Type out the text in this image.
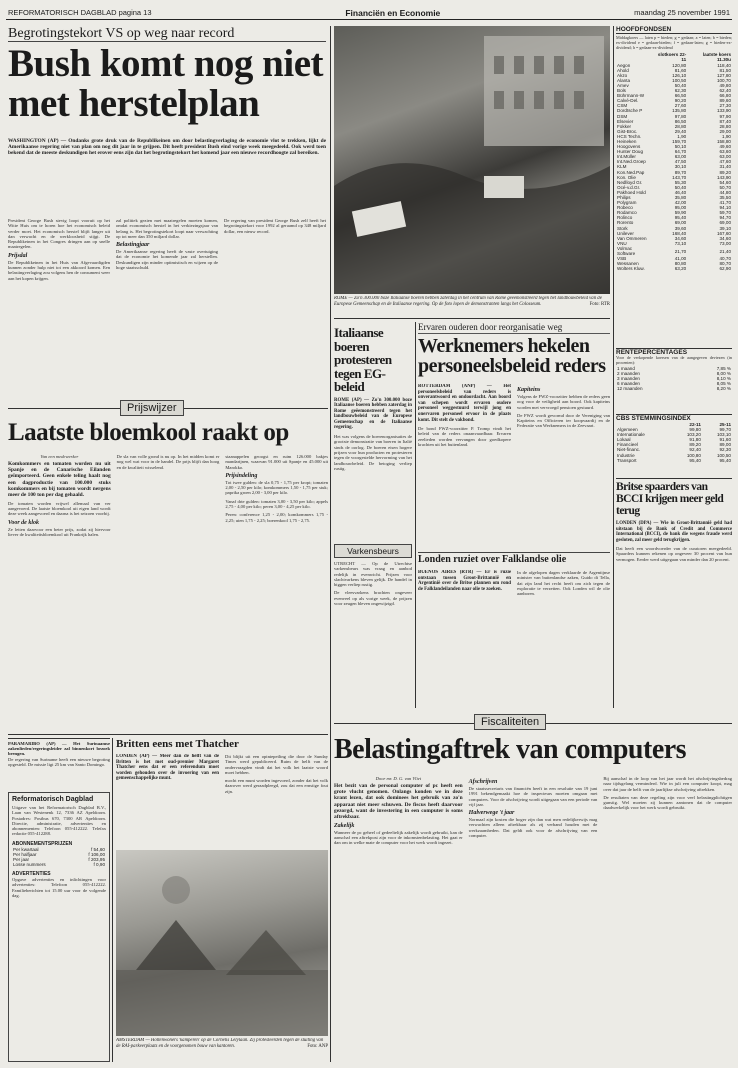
REFORMATORISCH DAGBLAD pagina 13	Financiën en Economie	maandag 25 november 1991
Begrotingstekort VS op weg naar record
Bush komt nog niet met herstelplan
WASHINGTON (AP) — Ondanks grote druk van de Republikeinen om door belastingverlaging de economie vlot te trekken, lijkt de Amerikaanse regering niet van plan om nog dit jaar in te grijpen. Dit heeft president Bush eind vorige week meegedeeld. Ook werd toen bekend dat de meeste deskundigen het erover eens zijn dat het begrotingstekort het komend jaar een nieuwe recordhoogte zal bereiken.

President George Bush stevig loopt vooruit op het Witte Huis om te horen hoe het economisch beleid verder moet. Het economisch herstel blijft langer uit dan verwacht en de werkloosheid stijgt. De Republikeinen in het Congres dringen aan op snelle maatregelen.

Prijsdal

De Republikeinen in het Huis van Afgevaardigden kunnen zonder hulp niet tot een akkoord komen. Een belastingverlaging zou volgens hen de consument weer aan het kopen krijgen.

zal politiek gezien met maatregelen moeten komen, omdat economisch herstel in het verkiezingsjaar van belang is. Het begrotingstekort loopt naar verwachting op tot meer dan 350 miljard dollar.

Belastingjaar

De Amerikaanse regering heeft de vaste overtuiging dat de economie het komende jaar zal herstellen. Deskundigen zijn minder optimistisch en wijzen op de hoge staatsschuld.

De regering van president George Bush zelf heeft het begrotingstekort voor 1992 al geraamd op 348 miljard dollar, een nieuw record.

ROME — Zo'n 300.000 boze Italiaanse boeren hebben zaterdag in het centrum van Rome geëemonstreerd tegen het landbouwbeleid van de Europese Gemeenschap en de Italiaanse regering. Op de foto lopen de demonstranten langs het Colosseum.	Foto: RTR
HOOFDFONDSEN

Middagkoers — laten p = bieden; g = gedaan; a = laten; b = bieden; ex-dividend e = gedaan-bieden; f = gedaan-laten; g = bieden-ex-dividend; h = gedaan-ex-dividend

	slotkoers 22-11	laatste koers 11.30u
Aegon	120,80	118,40
Ahold	81,60	81,50
Akzo	126,10	127,80
Alanta	100,50	100,70
Amev	50,40	49,80
Bols	62,30	62,40
Bührmann-W	66,50	66,80
Calvé-Del.	90,20	89,60
CSM	27,60	27,30
Dordtsche P	135,80	133,90
DSM	97,80	97,90
Elsevier	86,50	87,40
Fokker	28,80	28,80
Gist-Broc.	29,40	29,00
HCS Techn.	1,90	1,90
Heineken	159,70	158,80
Hoogovens	50,10	49,60
Hunter Doug	64,70	63,60
Int.Müller	63,00	63,00
Int.Ned.Groep	47,50	47,60
KLM	30,10	31,40
Kon.Ned.Pap	89,70	89,20
Kon. Olie	143,70	143,90
Nedlloyd Gr.	55,30	54,60
Océ-v.d.Gr.	50,40	50,70
Pakhoed Hold	46,40	44,80
Philips	35,80	35,50
Polygram	42,00	41,70
Robeco	95,00	94,10
Rodamco	59,90	59,70
Rolinco	95,40	94,70
Rorento	69,00	69,00
Stork	39,60	39,10
Unilever	168,40	167,60
Van Ommeren	34,60	34,60
VNU	73,10	73,00
Volmac Software	21,70	21,40
VSB	41,00	40,70
Wessanen	80,80	80,70
Wolters Kluw.	63,20	62,90
RENTEPERCENTAGES

Voor de verkopende koersen van de aangegeven deviezen (in procenten):

1 maand	7,85 %
2 maanden	8,00 %
3 maanden	8,10 %
6 maanden	8,05 %
12 maanden	8,20 %
CBS STEMMINGSINDEX
	22-11	25-11
Algemeen	99,80	99,70
Internationale	103,20	103,10
Lokaal	91,80	91,60
Financieel	89,20	89,00
Niet-financ.	92,40	92,30
Industrie	100,80	100,50
Transport	95,40	95,40
Italiaanse boeren protesteren tegen EG-beleid

ROME (AP) — Zo'n 300.000 boze Italiaanse boeren hebben zaterdag in Rome geëemonstreerd tegen het landbouwbeleid van de Europese Gemeenschap en de Italiaanse regering.

Het was volgens de boerenorganisaties de grootste demonstratie van boeren in Italië sinds de oorlog. De boeren eisen hogere prijzen voor hun producten en protesteren tegen de voorgestelde hervorming van het landbouwbeleid. De betoging verliep rustig.

Ervaren ouderen door reorganisatie weg
Werknemers hekelen personeelsbeleid reders

ROTTERDAM (ANP) — Het personeelsbeleid van reders is onverantwoord en ondoordacht. Aan boord van schepen wordt ervaren oudere personeel weggestuurd terwijl jong en onervaren personeel ervoor in de plaats komt. Dit stelt de vakbond.

De bond FWZ-voorzitter P. Tromp vindt het beleid van de reders onaanvaardbaar. Ervaren zeelieden worden vervangen door goedkopere krachten uit het buitenland.

Kapiteins

Volgens de FWZ-voorzitter hebben de reders geen oog voor de veiligheid aan boord. Ook kapiteins worden met vervroegd pensioen gestuurd.

De FWZ wordt gevormd door de Vereniging van Kapiteins en Officieren ter koopvaardij en de Federatie van Werknemers in de Zeevaart.

Prijswijzer
Laatste bloemkool raakt op

Van een medewerker

Komkommers en tomaten worden nu uit Spanje en de Canarische Eilanden geïmporteerd. Geen enkele teling haalt nog een dagproductie van 100.000 stuks komkommers en bij tomaten wordt nergens meer de 100 ton per dag gehaald.

De tomaten worden vrijwel allemaal van ver aangevoerd. De laatste bloemkool uit eigen land wordt deze week aangevoerd en daarna is het seizoen voorbij.

Voor de klok

Ze letten daarvoor een beter prijs, zodat zij hiervoor liever de kwaliteitsbloemkool uit Frankrijk halen.

De sla van volle grond is nu op. In het midden komt er nog wel wat voor in de handel. De prijs blijft dan hoog en de kwaliteit wisselend.

staanappelen geoogst en ruim 126.000 bakjes mandarijnen, waarvan 91.000 uit Spanje en 45.000 uit Marokko.

Prijsindeling

Tot twee gulden: de sla 0,75 - 1,75 per kropt; tomaten 2,00 - 2,50 per kilo; komkommers 1,50 - 1,75 per stuk; paprika groen 2,00 - 3,00 per kilo.

Vanaf drie gulden: tomaten 3,00 - 3,50 per kilo; appels 2,75 - 4,00 per kilo; peren 3,00 - 4,25 per kilo.

Peren: conference 1,25 - 2,00; komkommers 1,75 - 2,25; uien 1,75 - 2,25; boerenkool 1,75 - 2,75.

Varkensbeurs

UTRECHT — Op de Utrechtse varkensbeurs was vraag en aanbod redelijk in evenwicht. Prijzen voor slachtvarkens bleven gelijk. De handel in biggen verliep rustig.

De vleesvarkens brachten ongeveer evenveel op als vorige week, de prijzen voor zeugen bleven ongewijzigd.

Londen ruziet over Falklandse olie

BUENOS AIRES (RTR) — Er is ruzie ontstaan tussen Groot-Brittannië en Argentinië over de Britse plannen om rond de Falklandeilanden naar olie te zoeken.

In de afgelopen dagen verklaarde de Argentijnse minister van buitenlandse zaken, Guido di Tella, dat zijn land het recht heeft om zich tegen de exploratie te verzetten. Ook Londen wil de olie aanboren.

Britse spaarders van BCCI krijgen meer geld terug

LONDEN (DPA) — Wie in Groot-Brittannië geld had uitstaan bij de Bank of Credit and Commerce International (BCCI), de bank die wegens fraude werd gesloten, zal meer geld terugkrijgen.

Dat heeft een woordvoerder van de curatoren meegedeeld. Spaarders kunnen rekenen op ongeveer 30 procent van hun vermogen. Eerder werd uitgegaan van minder dan 20 procent.

PARAMARIBO (AP) — Het Surinaamse zakenlieden/regeringsleider zal binnenkort bezoek brengen.

De regering van Suriname heeft een nieuwe begroting opgesteld. De missie ligt 25 km van Santo Domingo.

Reformatorisch Dagblad

Uitgave van het Reformatorisch Dagblad B.V., Laan van Westenenk 12, 7336 AZ Apeldoorn. Postadres: Postbus 670, 7300 AR Apeldoorn. Directie, administratie, advertenties en abonnementen: Telefoon 055-412222. Telefax redactie 055-412288.

ABONNEMENTSPRIJZEN
Per kwartaal	f 54,60
Per halfjaar	f 106,00
Per jaar	f 203,95
Losse nummers	f 0,90
ADVERTENTIES

Opgave advertenties en inlichtingen voor advertenties: Telefoon 055-412222. Familieberichten tot 15.00 uur voor de volgende dag.

Britten eens met Thatcher

LONDEN (AP) — Meer dan de helft van de Britten is het met oud-premier Margaret Thatcher eens dat er een referendum moet worden gehouden over de invoering van een gemeenschappelijke munt.

Dit blijkt uit een opiniepeiling die door de Sunday Times werd gepubliceerd. Ruim de helft van de ondervraagden vindt dat het volk het laatste woord moet hebben.

mocht een munt worden ingevoerd, zonder dat het volk daarover werd geraadpleegd, zou dat een ernstige fout zijn.

AMSTERDAM — Holtenwoners 'kamperen' op de Cornelis Lelylaan. Zij protesteerden tegen de sluiting van de RAI-parkeerplaats en de voorgenomen bouw van kantoren.	Foto: ANP
Fiscaliteiten
Belastingaftrek van computers

Door mr. D. G. van Vliet

Het bezit van de personal computer of pc heeft een grote vlucht genomen. Onlangs konden we in deze krant lezen, dat ook dominees het gebruik van zo'n apparaat niet meer schuwen. De fiscus heeft daarvoor gezorgd, want de investering in een computer is soms aftrekbaar.

Zakelijk

Wanneer de pc geheel of gedeeltelijk zakelijk wordt gebruikt, kan de aanschaf een aftrekpost zijn voor de inkomstenbelasting. Het gaat er dan om in welke mate de computer voor het werk wordt ingezet.

Afschrijven

De staatssecretaris van financiën heeft in een resolutie van 19 juni 1991 bekendgemaakt hoe de inspecteurs moeten omgaan met computers. Voor de afschrijving wordt uitgegaan van een periode van vijf jaar.

Halverwege 't jaar

Normaal zijn kosten die hoger zijn dan wat men redelijkerwijs mag verwachten alleen aftrekbaar als zij verband houden met de werkzaamheden. Dat geldt ook voor de afschrijving van een computer.

Bij aanschaf in de loop van het jaar wordt het afschrijvingsbedrag naar tijdsgelang verminderd. Wie in juli een computer koopt, mag over dat jaar de helft van de jaarlijkse afschrijving aftrekken.

De resultaten van deze regeling zijn voor veel belastingplichtigen gunstig. Wel moeten zij kunnen aantonen dat de computer daadwerkelijk voor het werk wordt gebruikt.
